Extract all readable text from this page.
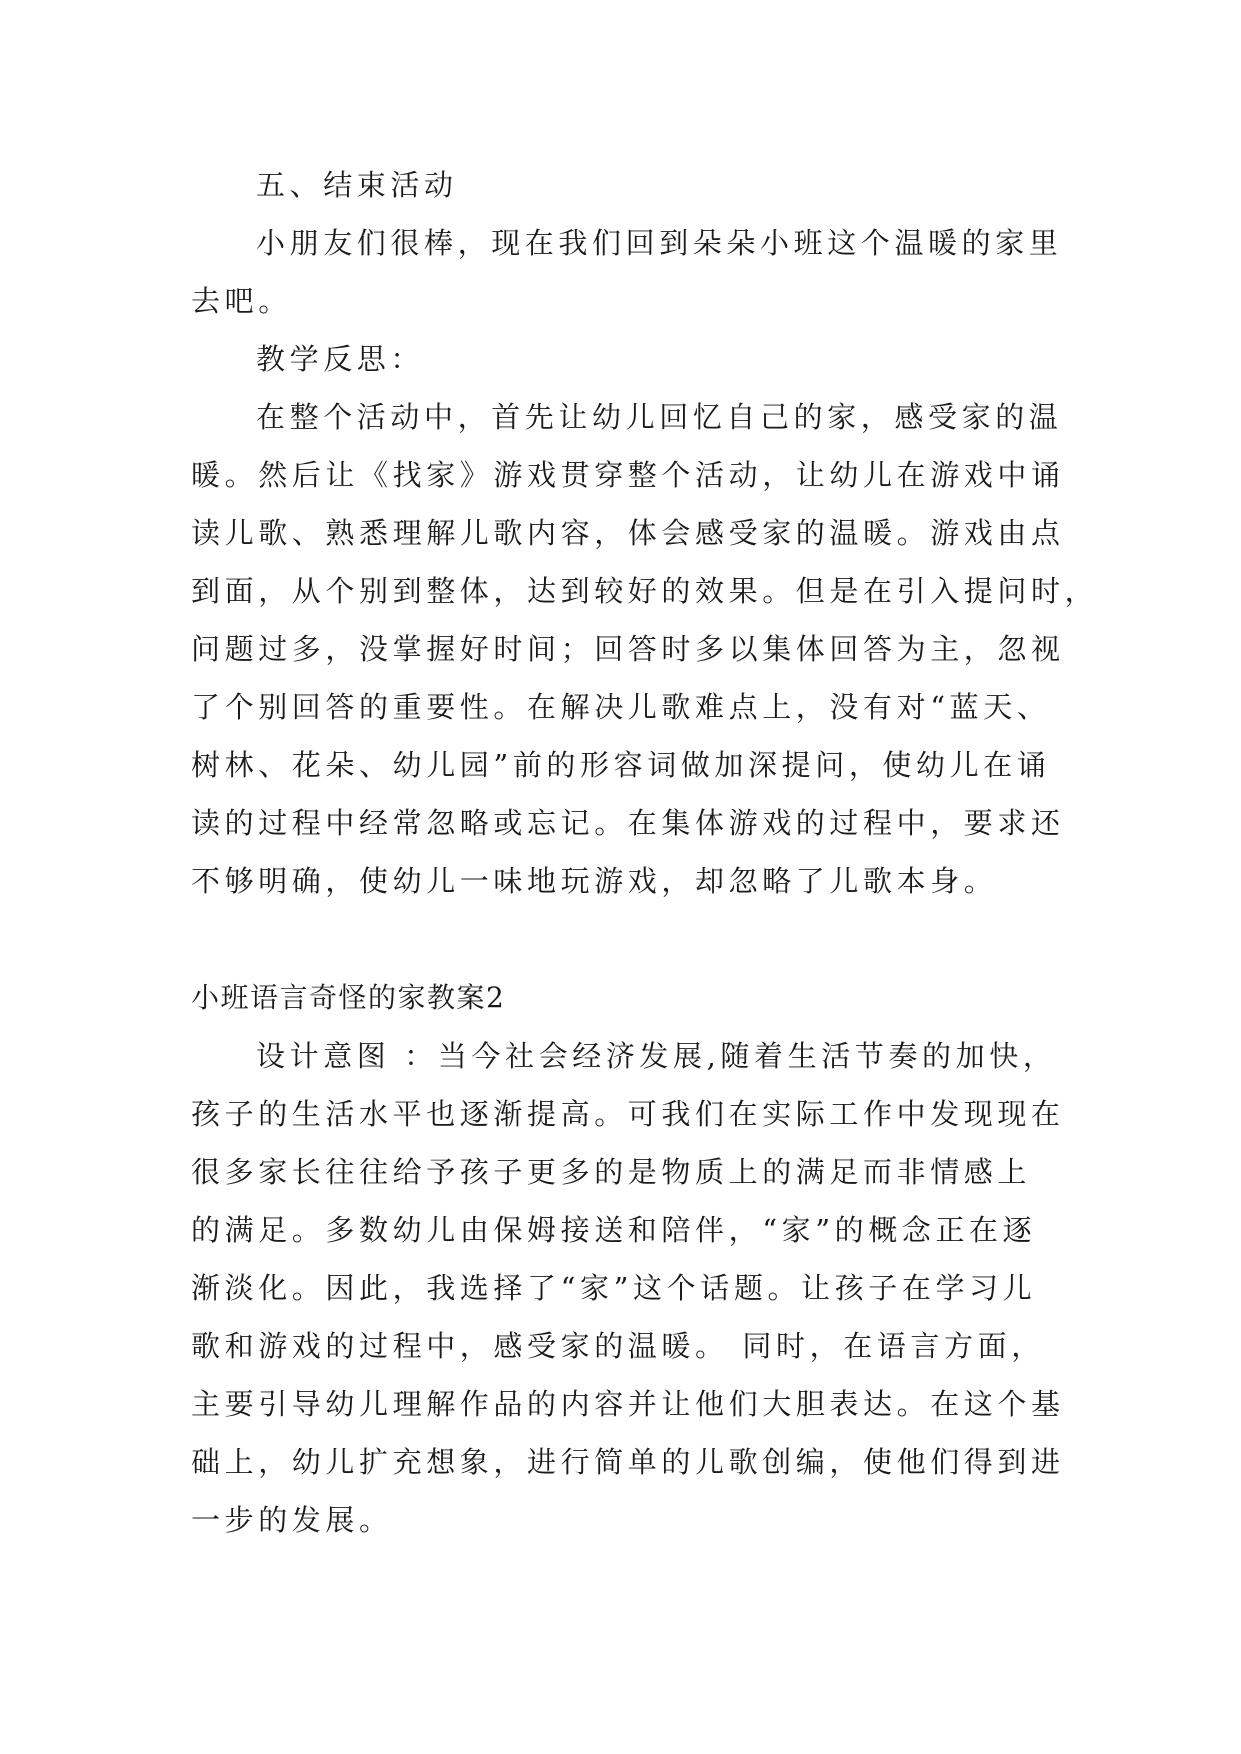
五、结束活动

小朋友们很棒，现在我们回到朵朵小班这个温暖的家里

去吧。

教学反思：

在整个活动中，首先让幼儿回忆自己的家，感受家的温

暖。然后让《找家》游戏贯穿整个活动，让幼儿在游戏中诵

读儿歌、熟悉理解儿歌内容，体会感受家的温暖。游戏由点

到面，从个别到整体，达到较好的效果。但是在引入提问时，

问题过多，没掌握好时间；回答时多以集体回答为主，忽视

了个别回答的重要性。在解决儿歌难点上，没有对“蓝天、

树林、花朵、幼儿园”前的形容词做加深提问，使幼儿在诵

读的过程中经常忽略或忘记。在集体游戏的过程中，要求还

不够明确，使幼儿一味地玩游戏，却忽略了儿歌本身。

小班语言奇怪的家教案2

设计意图 ：当今社会经济发展,随着生活节奏的加快，

孩子的生活水平也逐渐提高。可我们在实际工作中发现现在

很多家长往往给予孩子更多的是物质上的满足而非情感上

的满足。多数幼儿由保姆接送和陪伴，“家”的概念正在逐

渐淡化。因此，我选择了“家”这个话题。让孩子在学习儿

歌和游戏的过程中，感受家的温暖。 同时，在语言方面，

主要引导幼儿理解作品的内容并让他们大胆表达。在这个基

础上，幼儿扩充想象，进行简单的儿歌创编，使他们得到进

一步的发展。
